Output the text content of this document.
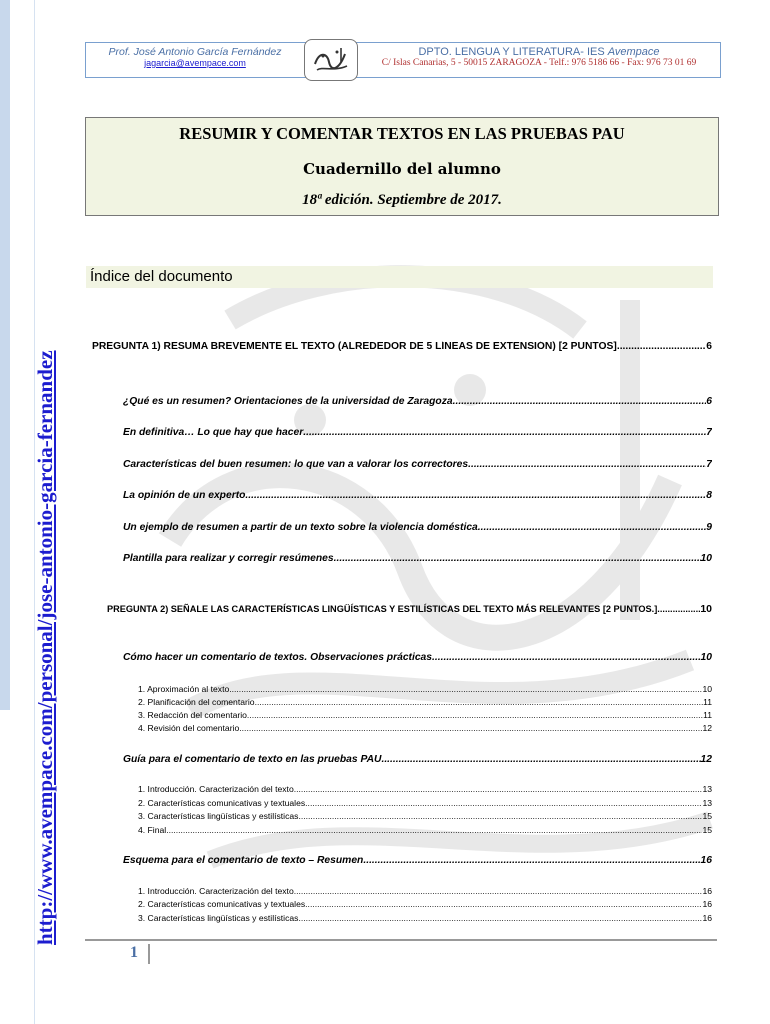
http://www.avempace.com/personal/jose-antonio-garcia-fernandez
Prof. José Antonio García Fernández
jagarcia@avempace.com
DPTO. LENGUA Y LITERATURA- IES Avempace
C/ Islas Canarias, 5 - 50015 ZARAGOZA - Telf.: 976 5186 66 - Fax: 976 73 01 69
RESUMIR Y COMENTAR TEXTOS EN LAS PRUEBAS PAU
Cuadernillo del alumno
18ª edición. Septiembre de 2017.
Índice del documento
PREGUNTA 1) RESUMA BREVEMENTE EL TEXTO (ALREDEDOR DE 5 LÍNEAS DE EXTENSIÓN) [2 PUNTOS] .....	6
¿Qué es un resumen? Orientaciones de la universidad de Zaragoza .....	6
En definitiva… Lo que hay que hacer .....	7
Características del buen resumen: lo que van a valorar los correctores .....	7
La opinión de un experto .....	8
Un ejemplo de resumen a partir de un texto sobre la violencia doméstica .....	9
Plantilla para realizar y corregir resúmenes .....	10
PREGUNTA 2) SEÑALE LAS CARACTERÍSTICAS LINGÜÍSTICAS Y ESTILÍSTICAS DEL TEXTO MÁS RELEVANTES [2 PUNTOS.] .....	10
Cómo hacer un comentario de textos. Observaciones prácticas. .....	10
1. Aproximación al texto .....	10
2. Planificación del comentario .....	11
3. Redacción del comentario .....	11
4. Revisión del comentario .....	12
Guía para el comentario de texto en las pruebas PAU .....	12
1. Introducción. Caracterización del texto .....	13
2. Características comunicativas y textuales .....	13
3. Características lingüísticas y estilísticas .....	15
4. Final .....	15
Esquema para el comentario de texto – Resumen .....	16
1. Introducción. Caracterización del texto .....	16
2. Características comunicativas y textuales .....	16
3. Características lingüísticas y estilísticas .....	16
1
